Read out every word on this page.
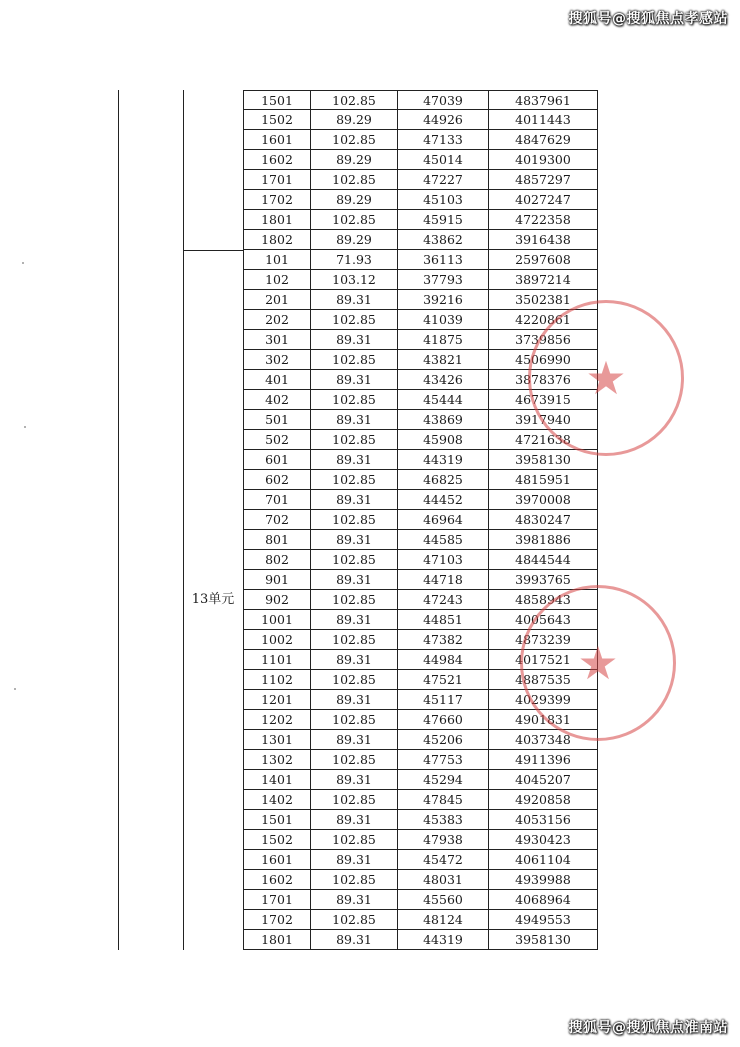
搜狐号@搜狐焦点孝感站
1501	102.85	47039	4837961
1502	89.29	44926	4011443
1601	102.85	47133	4847629
1602	89.29	45014	4019300
1701	102.85	47227	4857297
1702	89.29	45103	4027247
1801	102.85	45915	4722358
1802	89.29	43862	3916438
101	71.93	36113	2597608
102	103.12	37793	3897214
201	89.31	39216	3502381
202	102.85	41039	4220861
301	89.31	41875	3739856
302	102.85	43821	4506990
401	89.31	43426	3878376
402	102.85	45444	4673915
501	89.31	43869	3917940
502	102.85	45908	4721638
601	89.31	44319	3958130
602	102.85	46825	4815951
701	89.31	44452	3970008
702	102.85	46964	4830247
801	89.31	44585	3981886
802	102.85	47103	4844544
901	89.31	44718	3993765
902	102.85	47243	4858943
1001	89.31	44851	4005643
1002	102.85	47382	4873239
1101	89.31	44984	4017521
1102	102.85	47521	4887535
1201	89.31	45117	4029399
1202	102.85	47660	4901831
1301	89.31	45206	4037348
1302	102.85	47753	4911396
1401	89.31	45294	4045207
1402	102.85	47845	4920858
1501	89.31	45383	4053156
1502	102.85	47938	4930423
1601	89.31	45472	4061104
1602	102.85	48031	4939988
1701	89.31	45560	4068964
1702	102.85	48124	4949553
1801	89.31	44319	3958130
13单元
★
★
搜狐号@搜狐焦点淮南站
